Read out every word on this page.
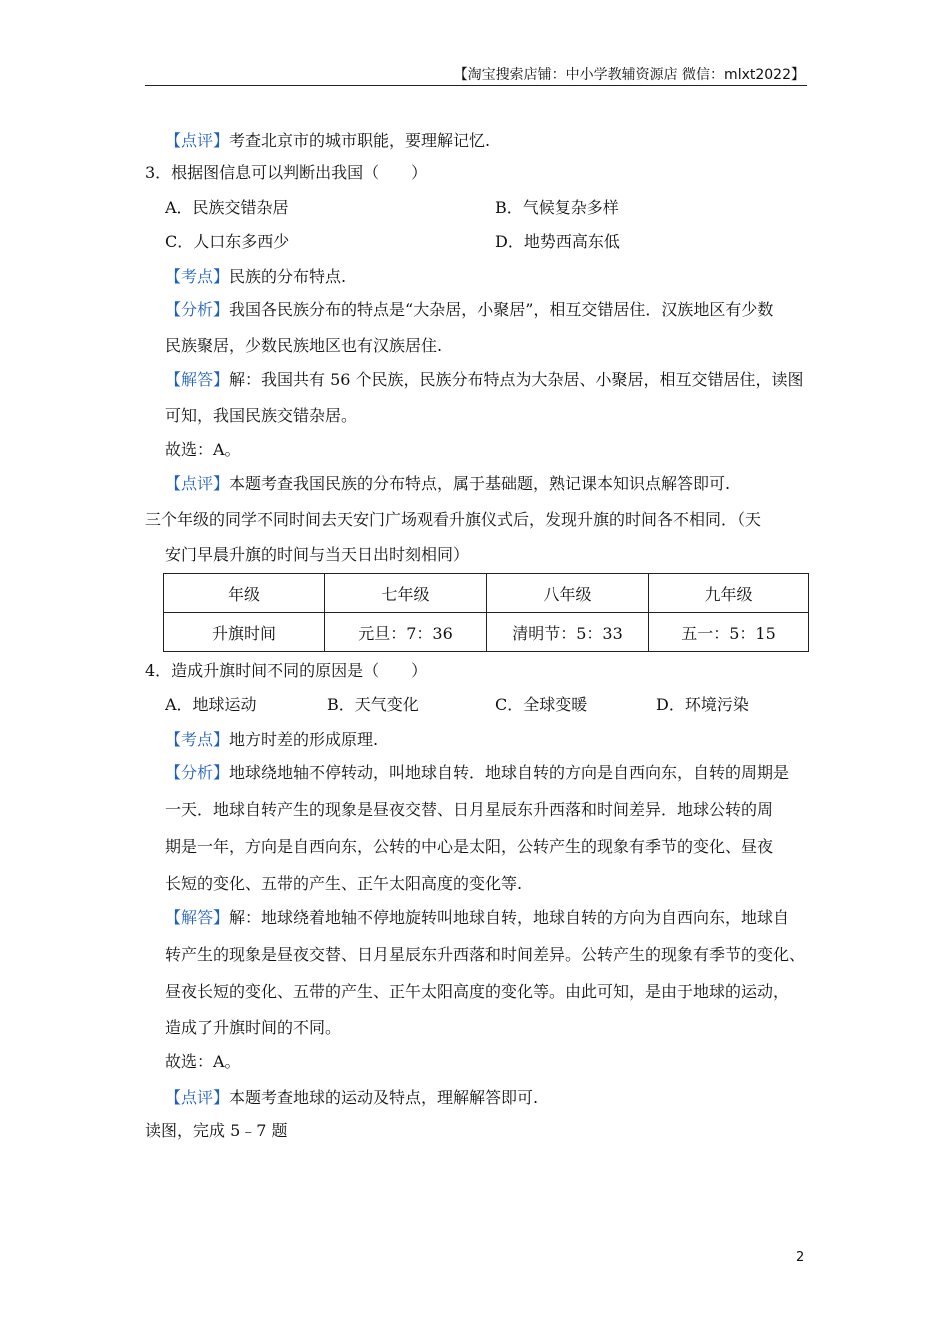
【淘宝搜索店铺：中小学教辅资源店 微信：mlxt2022】
【点评】考查北京市的城市职能，要理解记忆.
3．根据图信息可以判断出我国（　　）
A．民族交错杂居	B．气候复杂多样
C．人口东多西少	D．地势西高东低
【考点】民族的分布特点.
【分析】我国各民族分布的特点是“大杂居，小聚居”，相互交错居住．汉族地区有少数
民族聚居，少数民族地区也有汉族居住.
【解答】解：我国共有 56 个民族，民族分布特点为大杂居、小聚居，相互交错居住，读图
可知，我国民族交错杂居。
故选：A。
【点评】本题考查我国民族的分布特点，属于基础题，熟记课本知识点解答即可.
三个年级的同学不同时间去天安门广场观看升旗仪式后，发现升旗的时间各不相同．（天
安门早晨升旗的时间与当天日出时刻相同）
年级	七年级	八年级	九年级
升旗时间	元旦：7：36	清明节：5：33	五一：5：15
4．造成升旗时间不同的原因是（　　）
A．地球运动	B．天气变化	C．全球变暖	D．环境污染
【考点】地方时差的形成原理.
【分析】地球绕地轴不停转动，叫地球自转．地球自转的方向是自西向东，自转的周期是
一天．地球自转产生的现象是昼夜交替、日月星辰东升西落和时间差异．地球公转的周
期是一年，方向是自西向东，公转的中心是太阳，公转产生的现象有季节的变化、昼夜
长短的变化、五带的产生、正午太阳高度的变化等.
【解答】解：地球绕着地轴不停地旋转叫地球自转，地球自转的方向为自西向东，地球自
转产生的现象是昼夜交替、日月星辰东升西落和时间差异。公转产生的现象有季节的变化、
昼夜长短的变化、五带的产生、正午太阳高度的变化等。由此可知，是由于地球的运动，
造成了升旗时间的不同。
故选：A。
【点评】本题考查地球的运动及特点，理解解答即可.
读图，完成 5﹣7 题
2
